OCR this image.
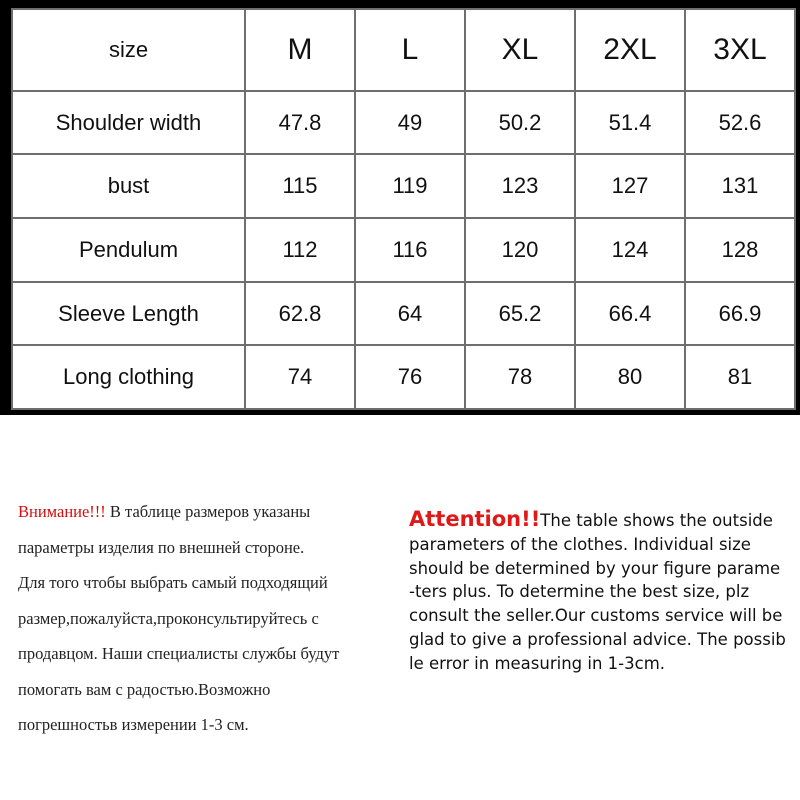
size	M	L	XL	2XL	3XL
Shoulder width	47.8	49	50.2	51.4	52.6
bust	115	119	123	127	131
Pendulum	112	116	120	124	128
Sleeve Length	62.8	64	65.2	66.4	66.9
Long clothing	74	76	78	80	81
Внимание!!! В таблице размеров указаны
параметры изделия по внешней стороне.
Для того чтобы выбрать самый подходящий
размер,пожалуйста,проконсультируйтесь с
продавцом. Наши специалисты службы будут
помогать вам с радостью.Возможно
погрешностьв измерении 1-3 см.
Attention!!The table shows the outside
parameters of the clothes. Individual size
should be determined by your figure parame
-ters plus. To determine the best size, plz
consult the seller.Our customs service will be
glad to give a professional advice. The possib
le error in measuring in 1-3cm.
